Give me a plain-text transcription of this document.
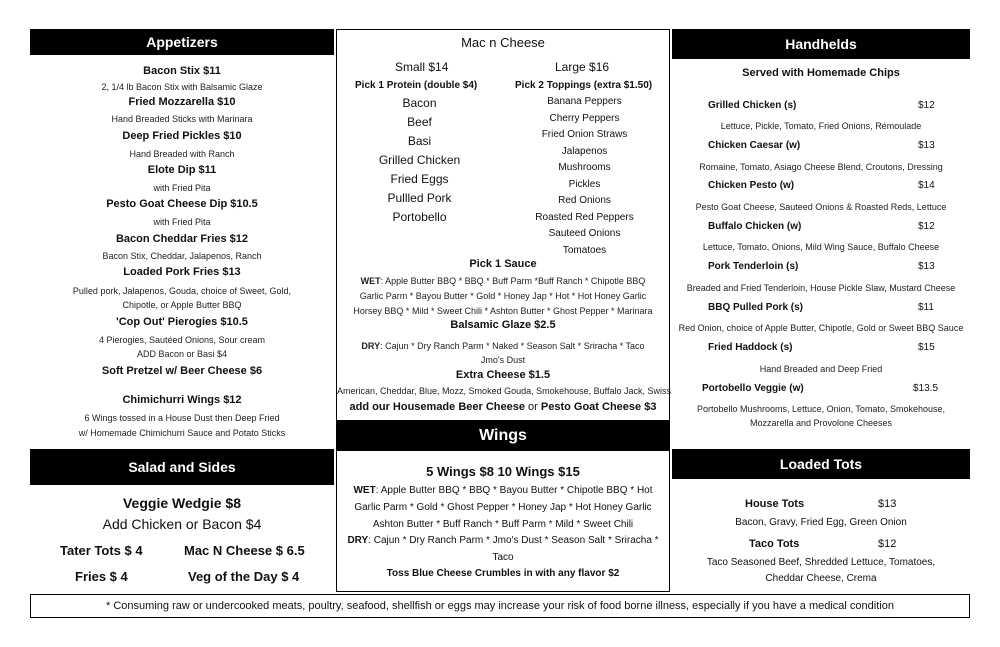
Appetizers
Bacon Stix $11
2, 1/4 lb Bacon Stix with Balsamic Glaze
Fried Mozzarella $10
Hand Breaded Sticks with Marinara
Deep Fried Pickles $10
Hand Breaded with Ranch
Elote Dip $11
with Fried Pita
Pesto Goat Cheese Dip $10.5
with Fried Pita
Bacon Cheddar Fries $12
Bacon Stix, Cheddar, Jalapenos, Ranch
Loaded Pork Fries $13
Pulled pork, Jalapenos, Gouda, choice of Sweet, Gold,
Chipotle, or Apple Butter BBQ
'Cop Out' Pierogies $10.5
4 Pierogies, Sautéed Onions, Sour cream
ADD Bacon or Basi $4
Soft Pretzel w/ Beer Cheese $6
Chimichurri Wings $12
6 Wings tossed in a House Dust then Deep Fried
w/ Homemade Chimichurri Sauce and Potato Sticks
Mac n Cheese
Small $14	Large $16
Pick 1 Protein (double $4)	Pick 2 Toppings (extra $1.50)
Bacon
Beef
Basi
Grilled Chicken
Fried Eggs
Pullled Pork
Portobello
Banana Peppers
Cherry Peppers
Fried Onion Straws
Jalapenos
Mushrooms
Pickles
Red Onions
Roasted Red Peppers
Sauteed Onions
Tomatoes
Pick 1 Sauce
WET: Apple Butter BBQ * BBQ * Buff Parm *Buff Ranch * Chipotle BBQ
Garlic Parm * Bayou Butter * Gold * Honey Jap * Hot * Hot Honey Garlic
Horsey BBQ * Mild * Sweet Chili * Ashton Butter * Ghost Pepper * Marinara
Balsamic Glaze $2.5
DRY: Cajun * Dry Ranch Parm * Naked * Season Salt * Sriracha * Taco
Jmo's Dust
Extra Cheese $1.5
American, Cheddar, Blue, Mozz, Smoked Gouda, Smokehouse, Buffalo Jack, Swiss
add our Housemade Beer Cheese or Pesto Goat Cheese $3
Handhelds
Served with Homemade Chips
Grilled Chicken (s)	$12
Lettuce, Pickle, Tomato, Fried Onions, Rémoulade
Chicken Caesar (w)	$13
Romaine, Tomato, Asiago Cheese Blend, Croutons, Dressing
Chicken Pesto (w)	$14
Pesto Goat Cheese, Sauteed Onions & Roasted Reds, Lettuce
Buffalo Chicken (w)	$12
Lettuce, Tomato, Onions, Mild Wing Sauce, Buffalo Cheese
Pork Tenderloin (s)	$13
Breaded and Fried Tenderloin, House Pickle Slaw, Mustard Cheese
BBQ Pulled Pork (s)	$11
Red Onion, choice of Apple Butter, Chipotle, Gold or Sweet BBQ Sauce
Fried Haddock (s)	$15
Hand Breaded and Deep Fried
Portobello Veggie (w)	$13.5
Portobello Mushrooms, Lettuce, Onion, Tomato, Smokehouse,
Mozzarella and Provolone Cheeses
Wings
5 Wings $8 10 Wings $15
WET: Apple Butter BBQ * BBQ * Bayou Butter * Chipotle BBQ * Hot
Garlic Parm * Gold * Ghost Pepper * Honey Jap * Hot Honey Garlic
Ashton Butter * Buff Ranch * Buff Parm * Mild * Sweet Chili
DRY: Cajun * Dry Ranch Parm * Jmo's Dust * Season Salt * Sriracha *
Taco
Toss Blue Cheese Crumbles in with any flavor $2
Salad and Sides
Veggie Wedgie $8
Add Chicken or Bacon $4
Tater Tots $ 4	Mac N Cheese $ 6.5
Fries $ 4	Veg of the Day $ 4
Loaded Tots
House Tots	$13
Bacon, Gravy, Fried Egg, Green Onion
Taco Tots	$12
Taco Seasoned Beef, Shredded Lettuce, Tomatoes,
Cheddar Cheese, Crema
* Consuming raw or undercooked meats, poultry, seafood, shellfish or eggs may increase your risk of food borne illness, especially if you have a medical condition
